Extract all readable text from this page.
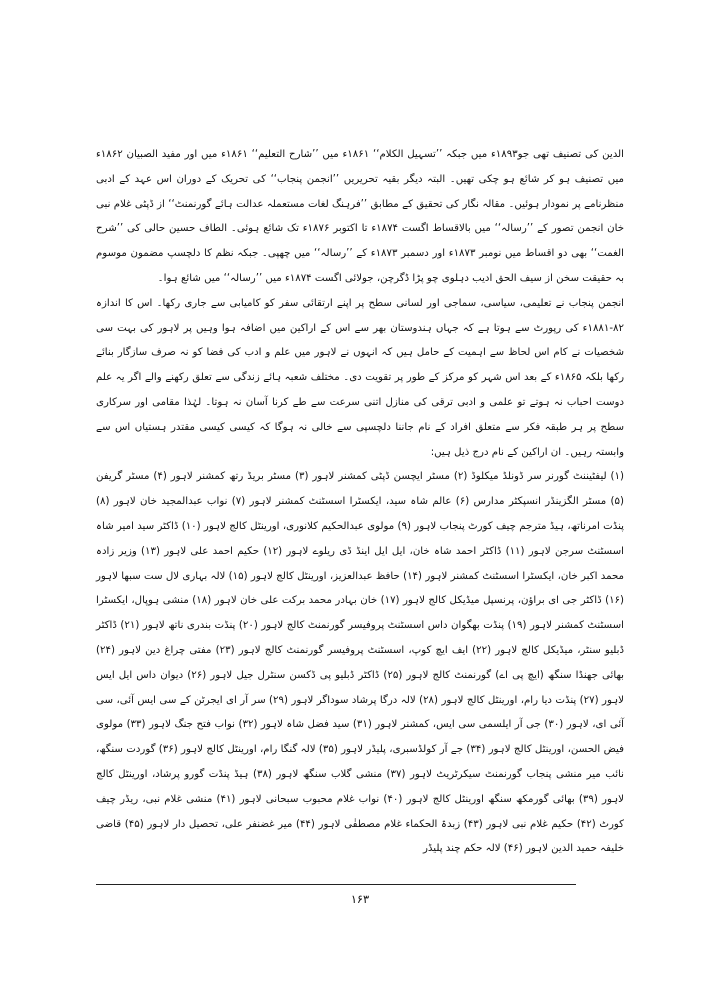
الدین کی تصنیف تھی جو۱۸۹۳ء میں جبکہ ’’تسہیل الکلام‘‘ ۱۸۶۱ء میں ’’شارح التعلیم‘‘ ۱۸۶۱ء میں اور مفید الصبیان ۱۸۶۲ء میں تصنیف ہو کر شائع ہو چکی تھیں۔ البتہ دیگر بقیہ تحریریں ’’انجمن پنجاب‘‘ کی تحریک کے دوران اس عہد کے ادبی منظرنامے پر نمودار ہوئیں۔ مقالہ نگار کی تحقیق کے مطابق ’’فرہنگ لغات مستعملہ عدالت ہائے گورنمنٹ‘‘ از ڈپٹی غلام نبی خان انجمن تصور کے ’’رسالہ‘‘ میں بالاقساط اگست ۱۸۷۴ء تا اکتوبر ۱۸۷۶ء تک شائع ہوئی۔ الطاف حسین حالی کی ’’شرح الغمت‘‘ بھی دو اقساط میں نومبر ۱۸۷۳ء اور دسمبر ۱۸۷۳ء کے ’’رسالہ‘‘ میں چھپی۔ جبکہ نظم کا دلچسپ مضمون موسوم بہ حقیقت سخن از سیف الحق ادیب دہلوی چو پڑا ڈگرچن، جولائی اگست ۱۸۷۴ء میں ’’رسالہ‘‘ میں شائع ہوا۔

انجمن پنجاب نے تعلیمی، سیاسی، سماجی اور لسانی سطح پر اپنے ارتقائی سفر کو کامیابی سے جاری رکھا۔ اس کا اندازہ ۸۲-۱۸۸۱ء کی رپورٹ سے ہوتا ہے کہ جہاں ہندوستان بھر سے اس کے اراکین میں اضافہ ہوا وہیں پر لاہور کی بہت سی شخصیات نے کام اس لحاظ سے اہمیت کے حامل ہیں کہ انہوں نے لاہور میں علم و ادب کی فضا کو نہ صرف سازگار بنائے رکھا بلکہ ۱۸۶۵ء کے بعد اس شہر کو مرکز کے طور پر تقویت دی۔ مختلف شعبہ ہائے زندگی سے تعلق رکھنے والے اگر یہ علم دوست احباب نہ ہوتے تو علمی و ادبی ترقی کی منازل اتنی سرعت سے طے کرنا آسان نہ ہوتا۔ لہٰذا مقامی اور سرکاری سطح پر ہر طبقہ فکر سے متعلق افراد کے نام جاننا دلچسپی سے خالی نہ ہوگا کہ کیسی کیسی مقتدر ہستیاں اس سے وابستہ رہیں۔ ان اراکین کے نام درج ذیل ہیں:

(۱) لیفٹیننٹ گورنر سر ڈونلڈ میکلوڈ (۲) مسٹر ایچسن ڈپٹی کمشنر لاہور (۳) مسٹر بریڈ رتھ کمشنر لاہور (۴) مسٹر گریفن (۵) مسٹر الگزینڈر انسپکٹر مدارس (۶) عالم شاہ سید، ایکسٹرا اسسٹنٹ کمشنر لاہور (۷) نواب عبدالمجید خان لاہور (۸) پنڈت امرناتھ، ہیڈ مترجم چیف کورٹ پنجاب لاہور (۹) مولوی عبدالحکیم کلانوری، اورینٹل کالج لاہور (۱۰) ڈاکٹر سید امیر شاہ اسسٹنٹ سرجن لاہور (۱۱) ڈاکٹر احمد شاہ خان، ایل ایل اینڈ ڈی ریلوے لاہور (۱۲) حکیم احمد علی لاہور (۱۳) وزیر زادہ محمد اکبر خان، ایکسٹرا اسسٹنٹ کمشنر لاہور (۱۴) حافظ عبدالعزیز، اورینٹل کالج لاہور (۱۵) لالہ بہاری لال ست سبھا لاہور (۱۶) ڈاکٹر جی ای براؤن، پرنسپل میڈیکل کالج لاہور (۱۷) خان بہادر محمد برکت علی خان لاہور (۱۸) منشی ہوپال، ایکسٹرا اسسٹنٹ کمشنر لاہور (۱۹) پنڈت بھگوان داس اسسٹنٹ پروفیسر گورنمنٹ کالج لاہور (۲۰) پنڈت بندری ناتھ لاہور (۲۱) ڈاکٹر ڈبلیو سنٹر، میڈیکل کالج لاہور (۲۲) ایف ایچ کوپ، اسسٹنٹ پروفیسر گورنمنٹ کالج لاہور (۲۳) مفتی چراغ دین لاہور (۲۴) بھائی جھنڈا سنگھ (ایچ پی اے) گورنمنٹ کالج لاہور (۲۵) ڈاکٹر ڈبلیو پی ڈکسن سنٹرل جیل لاہور (۲۶) دیوان داس ایل ایس لاہور (۲۷) پنڈت دیا رام، اورینٹل کالج لاہور (۲۸) لالہ درگا پرشاد سوداگر لاہور (۲۹) سر آر ای ایجرٹن کے سی ایس آئی، سی آئی ای، لاہور (۳۰) جی آر ایلسمی سی ایس، کمشنر لاہور (۳۱) سید فضل شاہ لاہور (۳۲) نواب فتح جنگ لاہور (۳۳) مولوی فیض الحسن، اورینٹل کالج لاہور (۳۴) جے آر کولڈسبری، پلیڈر لاہور (۳۵) لالہ گنگا رام، اورینٹل کالج لاہور (۳۶) گوردت سنگھ، نائب میر منشی پنجاب گورنمنٹ سیکرٹریٹ لاہور (۳۷) منشی گلاب سنگھ لاہور (۳۸) ہیڈ پنڈت گورو پرشاد، اورینٹل کالج لاہور (۳۹) بھائی گورمکھ سنگھ اورینٹل کالج لاہور (۴۰) نواب غلام محبوب سبحانی لاہور (۴۱) منشی غلام نبی، ریڈر چیف کورٹ (۴۲) حکیم غلام نبی لاہور (۴۳) زبدۃ الحکماء غلام مصطفٰی لاہور (۴۴) میر غضنفر علی، تحصیل دار لاہور (۴۵) قاضی خلیفہ حمید الدین لاہور (۴۶) لالہ حکم چند پلیڈر

۱۶۳
